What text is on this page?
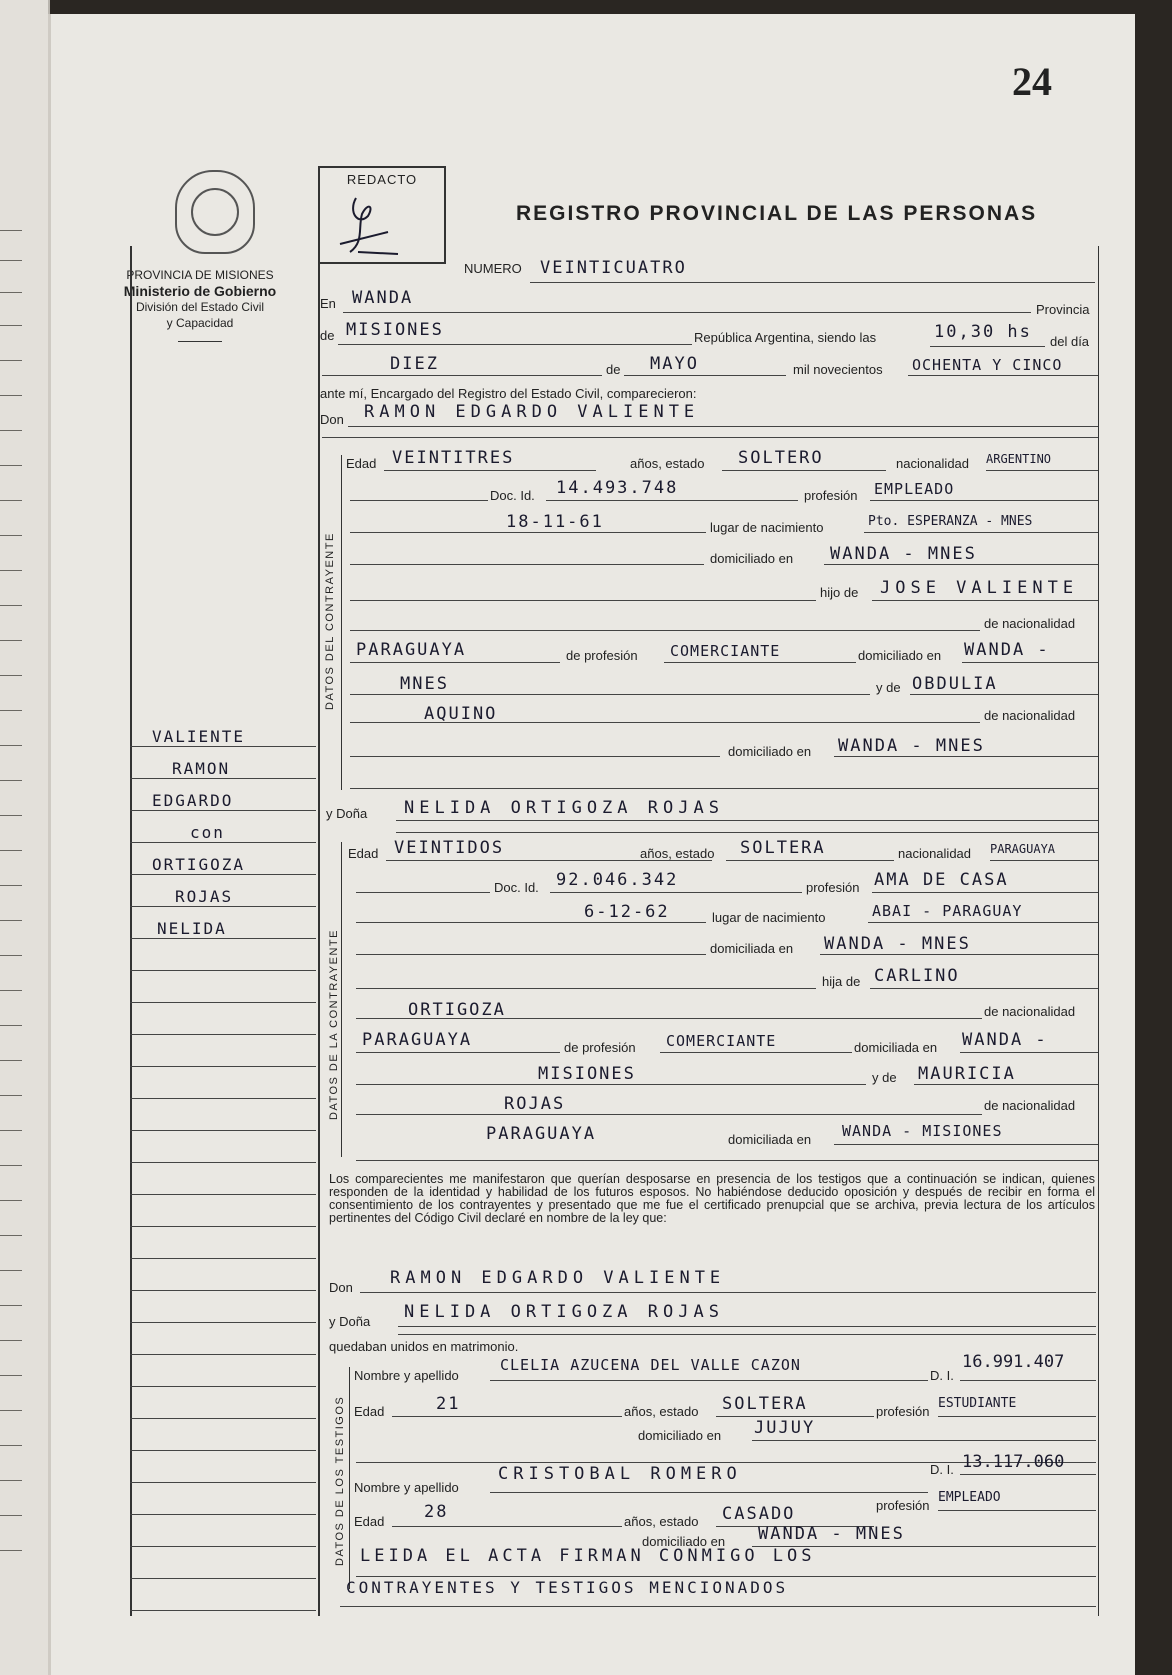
24
PROVINCIA DE MISIONES
Ministerio de Gobierno
División del Estado Civil
y Capacidad
REDACTO
REGISTRO PROVINCIAL DE LAS PERSONAS
VALIENTE
RAMON
EDGARDO
con
ORTIGOZA
ROJAS
NELIDA
NUMERO VEINTICUATRO
En WANDA
Provincia
de MISIONES	República Argentina, siendo las	10,30 hs del día
DIEZ	de MAYO	mil novecientos OCHENTA Y CINCO
ante mí, Encargado del Registro del Estado Civil, comparecieron:
Don RAMON EDGARDO VALIENTE
DATOS DEL CONTRAYENTE
Edad VEINTITRES	años, estado SOLTERO	nacionalidad ARGENTINO
Doc. Id. 14.493.748	profesión EMPLEADO
18-11-61	lugar de nacimiento	Pto. ESPERANZA - MNES
domiciliado en WANDA - MNES
hijo de JOSE VALIENTE
de nacionalidad
PARAGUAYA	de profesión COMERCIANTE	domiciliado en WANDA -
MNES	y de OBDULIA
AQUINO	de nacionalidad
domiciliado en WANDA - MNES
y Doña NELIDA ORTIGOZA ROJAS
DATOS DE LA CONTRAYENTE
Edad VEINTIDOS	años, estado SOLTERA	nacionalidad PARAGUAYA
Doc. Id. 92.046.342	profesión AMA DE CASA
6-12-62	lugar de nacimiento	ABAI - PARAGUAY
domiciliada en WANDA - MNES
hija de CARLINO
ORTIGOZA	de nacionalidad
PARAGUAYA	de profesión COMERCIANTE	domiciliada en WANDA -
MISIONES	y de MAURICIA
ROJAS	de nacionalidad
PARAGUAYA	domiciliada en WANDA - MISIONES
Los comparecientes me manifestaron que querían desposarse en presencia de los testigos que a continuación se indican, quienes responden de la identidad y habilidad de los futuros esposos. No habiéndose deducido oposición y después de recibir en forma el consentimiento de los contrayentes y presentado que me fue el certificado prenupcial que se archiva, previa lectura de los artículos pertinentes del Código Civil declaré en nombre de la ley que:
Don RAMON EDGARDO VALIENTE
y Doña NELIDA ORTIGOZA ROJAS
quedaban unidos en matrimonio.
DATOS DE LOS TESTIGOS
Nombre y apellido
CLELIA AZUCENA DEL VALLE CAZON
D. I.
16.991.407
Edad	21	años, estado SOLTERA	profesión
ESTUDIANTE
domiciliado en JUJUY
Nombre y apellido
CRISTOBAL ROMERO	D. I. 13.117.060
Edad 28	años, estado CASADO	profesión
EMPLEADO
domiciliado en WANDA - MNES
LEIDA EL ACTA FIRMAN CONMIGO LOS
CONTRAYENTES Y TESTIGOS MENCIONADOS
